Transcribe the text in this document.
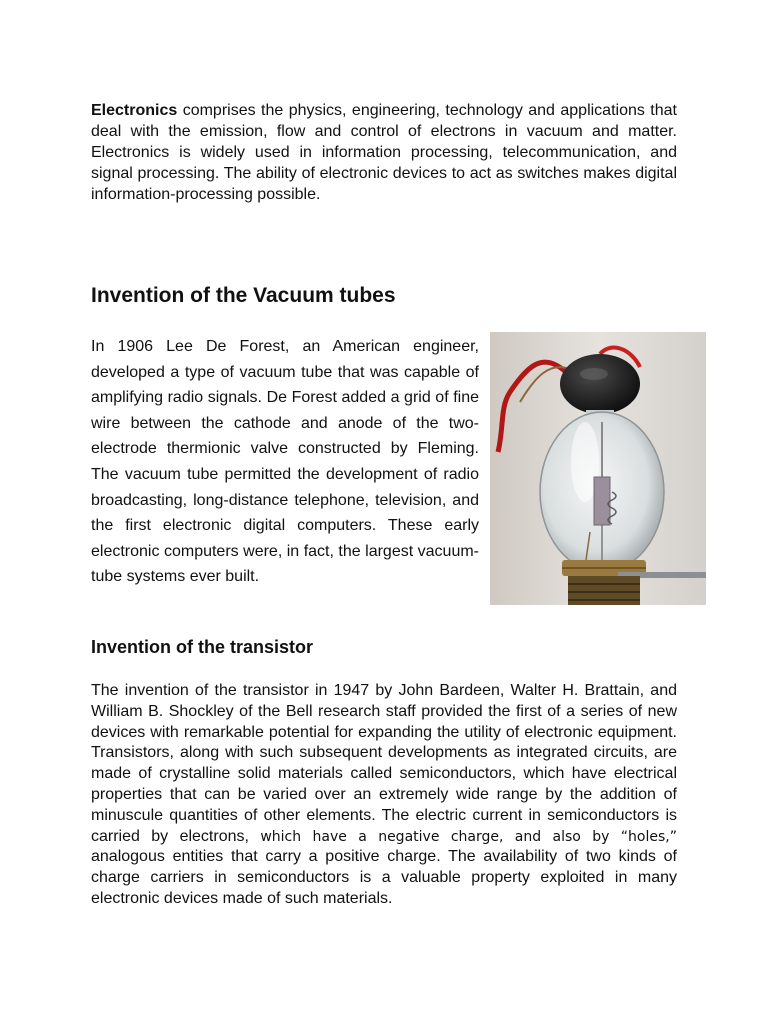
Electronics comprises the physics, engineering, technology and applications that deal with the emission, flow and control of electrons in vacuum and matter. Electronics is widely used in information processing, telecommunication, and signal processing. The ability of electronic devices to act as switches makes digital information-processing possible.

Invention of the Vacuum tubes

In 1906 Lee De Forest, an American engineer, developed a type of vacuum tube that was capable of amplifying radio signals. De Forest added a grid of fine wire between the cathode and anode of the two-electrode thermionic valve constructed by Fleming. The vacuum tube permitted the development of radio broadcasting, long-distance telephone, television, and the first electronic digital computers. These early electronic computers were, in fact, the largest vacuum-tube systems ever built.

Invention of the transistor

The invention of the transistor in 1947 by John Bardeen, Walter H. Brattain, and William B. Shockley of the Bell research staff provided the first of a series of new devices with remarkable potential for expanding the utility of electronic equipment. Transistors, along with such subsequent developments as integrated circuits, are made of crystalline solid materials called semiconductors, which have electrical properties that can be varied over an extremely wide range by the addition of minuscule quantities of other elements. The electric current in semiconductors is carried by electrons, which have a negative charge, and also by “holes,” analogous entities that carry a positive charge. The availability of two kinds of charge carriers in semiconductors is a valuable property exploited in many electronic devices made of such materials.
